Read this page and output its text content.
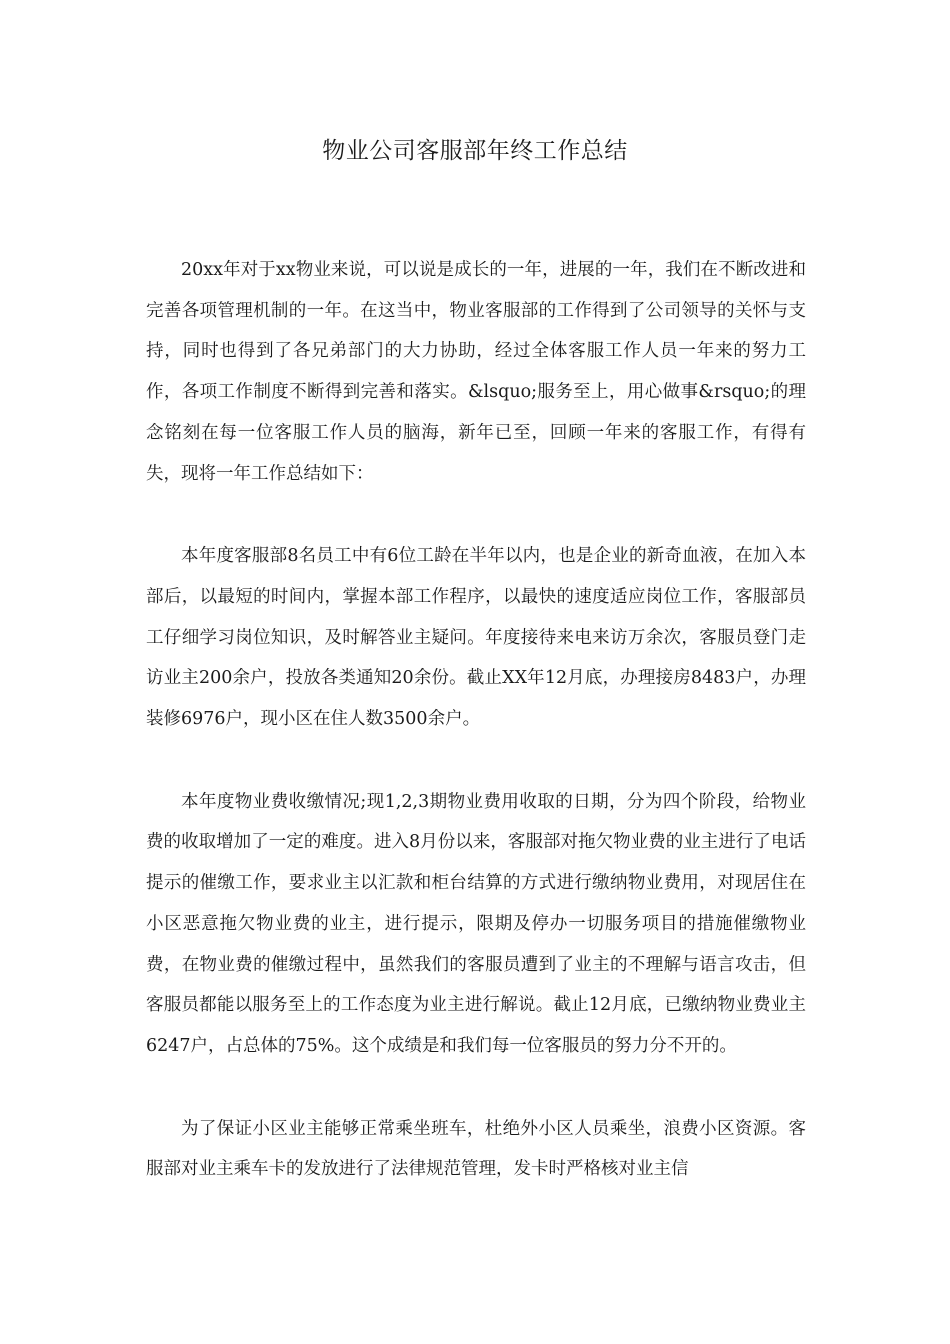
物业公司客服部年终工作总结

20xx年对于xx物业来说，可以说是成长的一年，进展的一年，我们在不断改进和完善各项管理机制的一年。在这当中，物业客服部的工作得到了公司领导的关怀与支持，同时也得到了各兄弟部门的大力协助，经过全体客服工作人员一年来的努力工作，各项工作制度不断得到完善和落实。&lsquo;服务至上，用心做事&rsquo;的理念铭刻在每一位客服工作人员的脑海，新年已至，回顾一年来的客服工作，有得有失，现将一年工作总结如下：

本年度客服部8名员工中有6位工龄在半年以内，也是企业的新奇血液，在加入本部后，以最短的时间内，掌握本部工作程序，以最快的速度适应岗位工作，客服部员工仔细学习岗位知识，及时解答业主疑问。年度接待来电来访万余次，客服员登门走访业主200余户，投放各类通知20余份。截止XX年12月底，办理接房8483户，办理装修6976户，现小区在住人数3500余户。

本年度物业费收缴情况;现1,2,3期物业费用收取的日期，分为四个阶段，给物业费的收取增加了一定的难度。进入8月份以来，客服部对拖欠物业费的业主进行了电话提示的催缴工作，要求业主以汇款和柜台结算的方式进行缴纳物业费用，对现居住在小区恶意拖欠物业费的业主，进行提示，限期及停办一切服务项目的措施催缴物业费，在物业费的催缴过程中，虽然我们的客服员遭到了业主的不理解与语言攻击，但客服员都能以服务至上的工作态度为业主进行解说。截止12月底，已缴纳物业费业主6247户，占总体的75%。这个成绩是和我们每一位客服员的努力分不开的。

为了保证小区业主能够正常乘坐班车，杜绝外小区人员乘坐，浪费小区资源。客服部对业主乘车卡的发放进行了法律规范管理，发卡时严格核对业主信
